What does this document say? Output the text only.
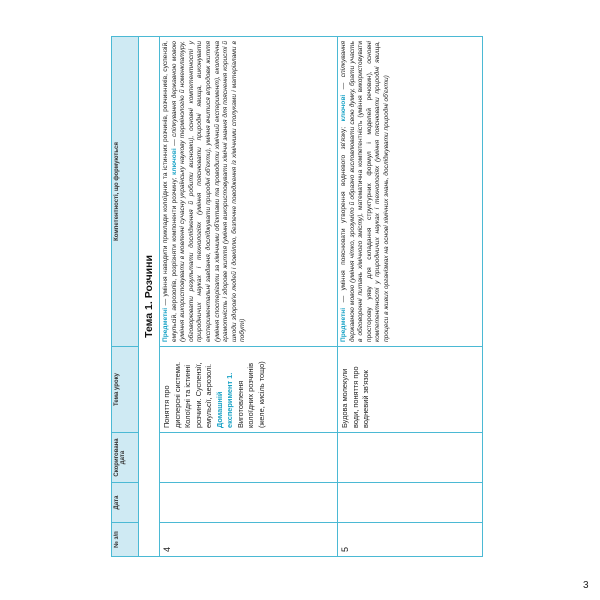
№ з/п	Дата	Скоригована дата	Тема уроку	Компетентності, що формуються
Тема 1. Розчини				
4			Поняття про дисперсні системи. Колоїдні та істинні розчини. Суспензії, емульсії, аерозолі. Домашній експеримент 1. Виготовлення колоїдних розчинів (желе, кисіль тощо)	Предметні — уміння наводити приклади колоїдних та істинних розчинів, розчинників, суспензій, емульсій, аерозолів, розрізняти компоненти розчину; ключові — спілкування державною мовою (уміння використовувати в мовленні сучасну українську наукову термінологію й номенклатуру, обговорювати результати дослідження й робити висновки), основні компетентності у природничих науках і технологіях (уміння пояснювати природні явища, виконувати експериментальні завдання, досліджувати природні об'єкти), уміння вчитися впродовж життя (уміння спостерігати за хімічними об'єктами та проводити хімічний експеримент), екологічна грамотність і здорове життя (уміння використовувати хімічні знання для пояснення користі й шкоди здоров'ю людей і довкіллю, безпечне поводження із хімічними сполуками і матеріалами в побуті)
5			Будова молекули води, поняття про водневий зв'язок	Предметні — уміння пояснювати утворення водневого зв'язку; ключові — спілкування державною мовою (уміння чітко, зрозуміло й образно висловлювати свою думку, брати участь в обговоренні питань хімічного змісту), математична компетентність (уміння використовувати просторову уяву для складання структурних формул і моделей речовин), основні компетентності у природничих науках і технологіях (уміння пояснювати природні явища, процеси в живих організмах на основі хімічних знань, досліджувати природні об'єкти)
3
